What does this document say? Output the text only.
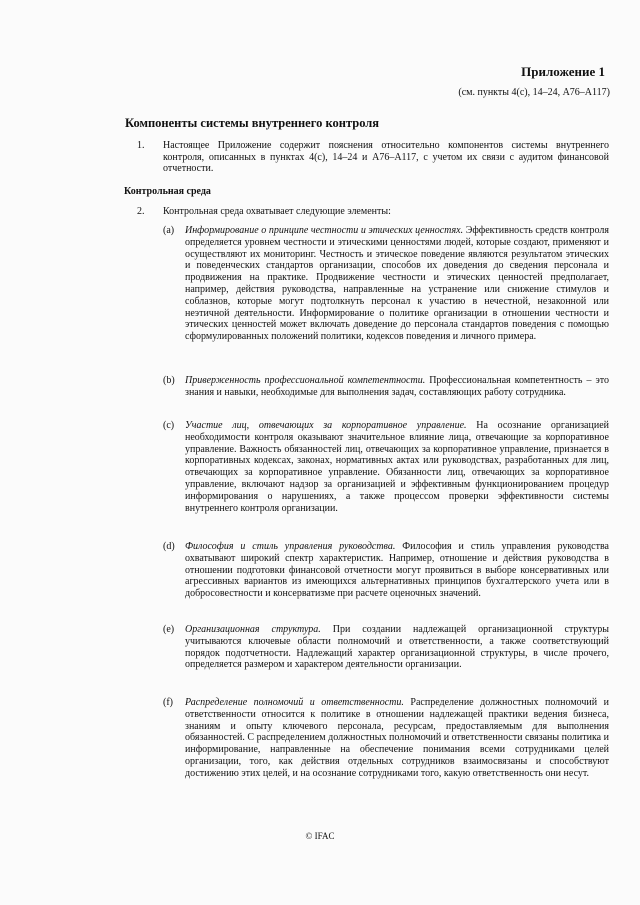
Приложение 1
(см. пункты 4(с), 14–24, A76–A117)
Компоненты системы внутреннего контроля
1. Настоящее Приложение содержит пояснения относительно компонентов системы внутреннего контроля, описанных в пунктах 4(с), 14–24 и A76–A117, с учетом их связи с аудитом финансовой отчетности.
Контрольная среда
2. Контрольная среда охватывает следующие элементы:
(a) Информирование о принципе честности и этических ценностях. Эффективность средств контроля определяется уровнем честности и этическими ценностями людей, которые создают, применяют и осуществляют их мониторинг. Честность и этическое поведение являются результатом этических и поведенческих стандартов организации, способов их доведения до сведения персонала и продвижения на практике. Продвижение честности и этических ценностей предполагает, например, действия руководства, направленные на устранение или снижение стимулов и соблазнов, которые могут подтолкнуть персонал к участию в нечестной, незаконной или неэтичной деятельности. Информирование о политике организации в отношении честности и этических ценностей может включать доведение до персонала стандартов поведения с помощью сформулированных положений политики, кодексов поведения и личного примера.
(b) Приверженность профессиональной компетентности. Профессиональная компетентность – это знания и навыки, необходимые для выполнения задач, составляющих работу сотрудника.
(c) Участие лиц, отвечающих за корпоративное управление. На осознание организацией необходимости контроля оказывают значительное влияние лица, отвечающие за корпоративное управление. Важность обязанностей лиц, отвечающих за корпоративное управление, признается в корпоративных кодексах, законах, нормативных актах или руководствах, разработанных для лиц, отвечающих за корпоративное управление. Обязанности лиц, отвечающих за корпоративное управление, включают надзор за организацией и эффективным функционированием процедур информирования о нарушениях, а также процессом проверки эффективности системы внутреннего контроля организации.
(d) Философия и стиль управления руководства. Философия и стиль управления руководства охватывают широкий спектр характеристик. Например, отношение и действия руководства в отношении подготовки финансовой отчетности могут проявиться в выборе консервативных или агрессивных вариантов из имеющихся альтернативных принципов бухгалтерского учета или в добросовестности и консерватизме при расчете оценочных значений.
(e) Организационная структура. При создании надлежащей организационной структуры учитываются ключевые области полномочий и ответственности, а также соответствующий порядок подотчетности. Надлежащий характер организационной структуры, в числе прочего, определяется размером и характером деятельности организации.
(f) Распределение полномочий и ответственности. Распределение должностных полномочий и ответственности относится к политике в отношении надлежащей практики ведения бизнеса, знаниям и опыту ключевого персонала, ресурсам, предоставляемым для выполнения обязанностей. С распределением должностных полномочий и ответственности связаны политика и информирование, направленные на обеспечение понимания всеми сотрудниками целей организации, того, как действия отдельных сотрудников взаимосвязаны и способствуют достижению этих целей, и на осознание сотрудниками того, какую ответственность они несут.
© IFAC
